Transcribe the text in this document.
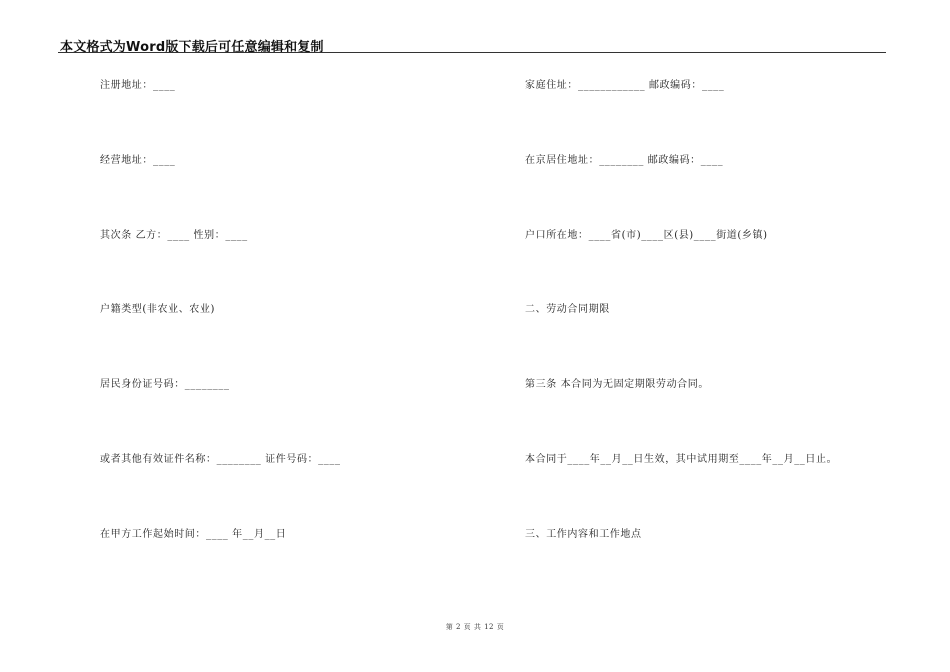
本文格式为Word版下载后可任意编辑和复制
注册地址：____
经营地址：____
其次条 乙方：____ 性别：____
户籍类型(非农业、农业)
居民身份证号码：________
或者其他有效证件名称：________ 证件号码：____
在甲方工作起始时间：____ 年__月__日
家庭住址：____________ 邮政编码：____
在京居住地址：________ 邮政编码：____
户口所在地：____省(市)____区(县)____街道(乡镇)
二、劳动合同期限
第三条 本合同为无固定期限劳动合同。
本合同于____年__月__日生效，其中试用期至____年__月__日止。
三、工作内容和工作地点
第 2 页 共 12 页
